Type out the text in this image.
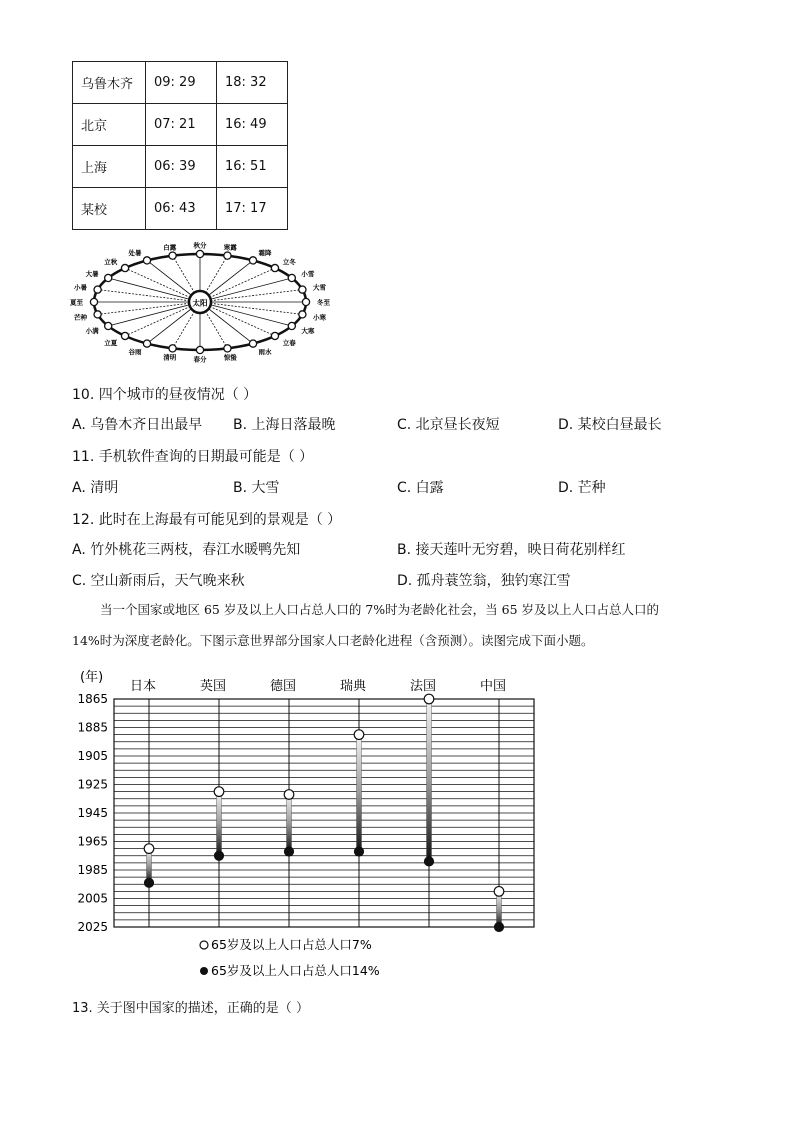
乌鲁木齐	09: 29	18: 32
北京	07: 21	16: 49
上海	06: 39	16: 51
某校	06: 43	17: 17
太阳
夏至
小暑
大暑
立秋
处暑
白露	秋分	寒露
霜降
立冬
小雪
大雪
冬至
小寒
大寒
立春
雨水
惊蛰
春分
清明
谷雨
立夏
小满
芒种
10. 四个城市的昼夜情况（ ）
A. 乌鲁木齐日出最早 B. 上海日落最晚	C. 北京昼长夜短	D. 某校白昼最长
11. 手机软件查询的日期最可能是（ ）
A. 清明	B. 大雪	C. 白露	D. 芒种
12. 此时在上海最有可能见到的景观是（ ）
A. 竹外桃花三两枝，春江水暖鸭先知	B. 接天莲叶无穷碧，映日荷花别样红
C. 空山新雨后，天气晚来秋	D. 孤舟蓑笠翁，独钓寒江雪
当一个国家或地区 65 岁及以上人口占总人口的 7%时为老龄化社会，当 65 岁及以上人口占总人口的
14%时为深度老龄化。下图示意世界部分国家人口老龄化进程（含预测）。读图完成下面小题。
(年)
1865
1885
1905
1925
1945
1965
1985
2005
2025
日本	英国	德国	瑞典	法国	中国
65岁及以上人口占总人口7%
65岁及以上人口占总人口14%
13. 关于图中国家的描述，正确的是（ ）
